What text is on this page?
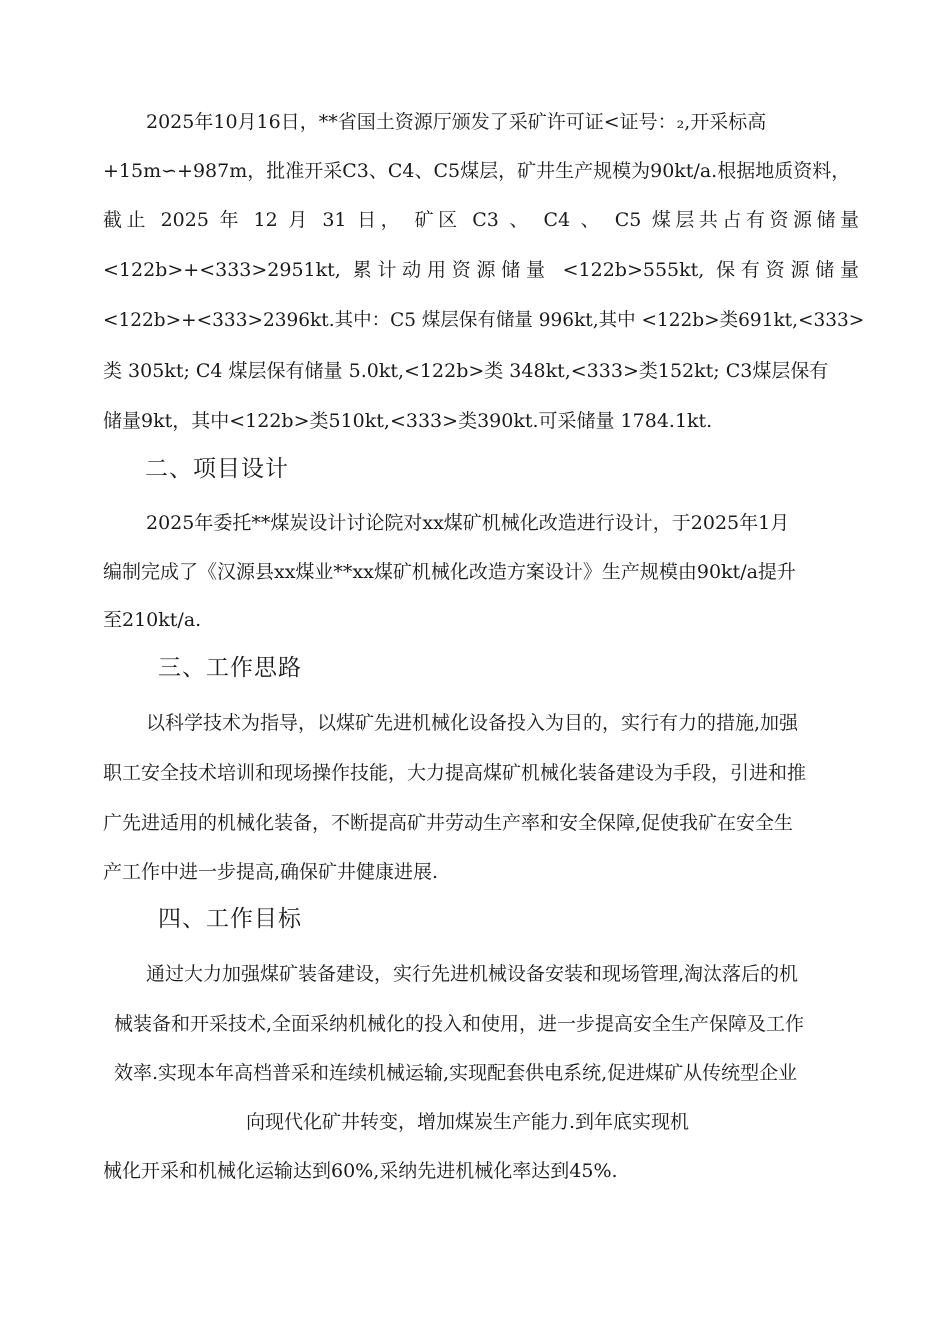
2025年10月16日，**省国土资源厅颁发了采矿许可证<证号：₂,开采标高
+15m∽+987m，批准开采C3、C4、C5煤层，矿井生产规模为90kt/a.根据地质资料，
截止 2025 年 12 月 31 日， 矿区 C3 、 C4 、 C5 煤层共占有资源储量
<122b>+<333>2951kt, 累计动用资源储量 <122b>555kt, 保有资源储量
<122b>+<333>2396kt.其中：C5 煤层保有储量 996kt,其中 <122b>类691kt,<333>
类 305kt; C4 煤层保有储量 5.0kt,<122b>类 348kt,<333>类152kt; C3煤层保有
储量9kt，其中<122b>类510kt,<333>类390kt.可采储量 1784.1kt.
二、项目设计
2025年委托**煤炭设计讨论院对xx煤矿机械化改造进行设计，于2025年1月
编制完成了《汉源县xx煤业**xx煤矿机械化改造方案设计》生产规模由90kt/a提升
至210kt/a.
三、工作思路
以科学技术为指导，以煤矿先进机械化设备投入为目的，实行有力的措施,加强
职工安全技术培训和现场操作技能，大力提高煤矿机械化装备建设为手段，引进和推
广先进适用的机械化装备，不断提高矿井劳动生产率和安全保障,促使我矿在安全生
产工作中进一步提高,确保矿井健康进展.
四、工作目标
通过大力加强煤矿装备建设，实行先进机械设备安装和现场管理,淘汰落后的机
械装备和开采技术,全面采纳机械化的投入和使用，进一步提高安全生产保障及工作
效率.实现本年高档普采和连续机械运输,实现配套供电系统,促进煤矿从传统型企业
向现代化矿井转变，增加煤炭生产能力.到年底实现机
械化开采和机械化运输达到60%,采纳先进机械化率达到45%.
